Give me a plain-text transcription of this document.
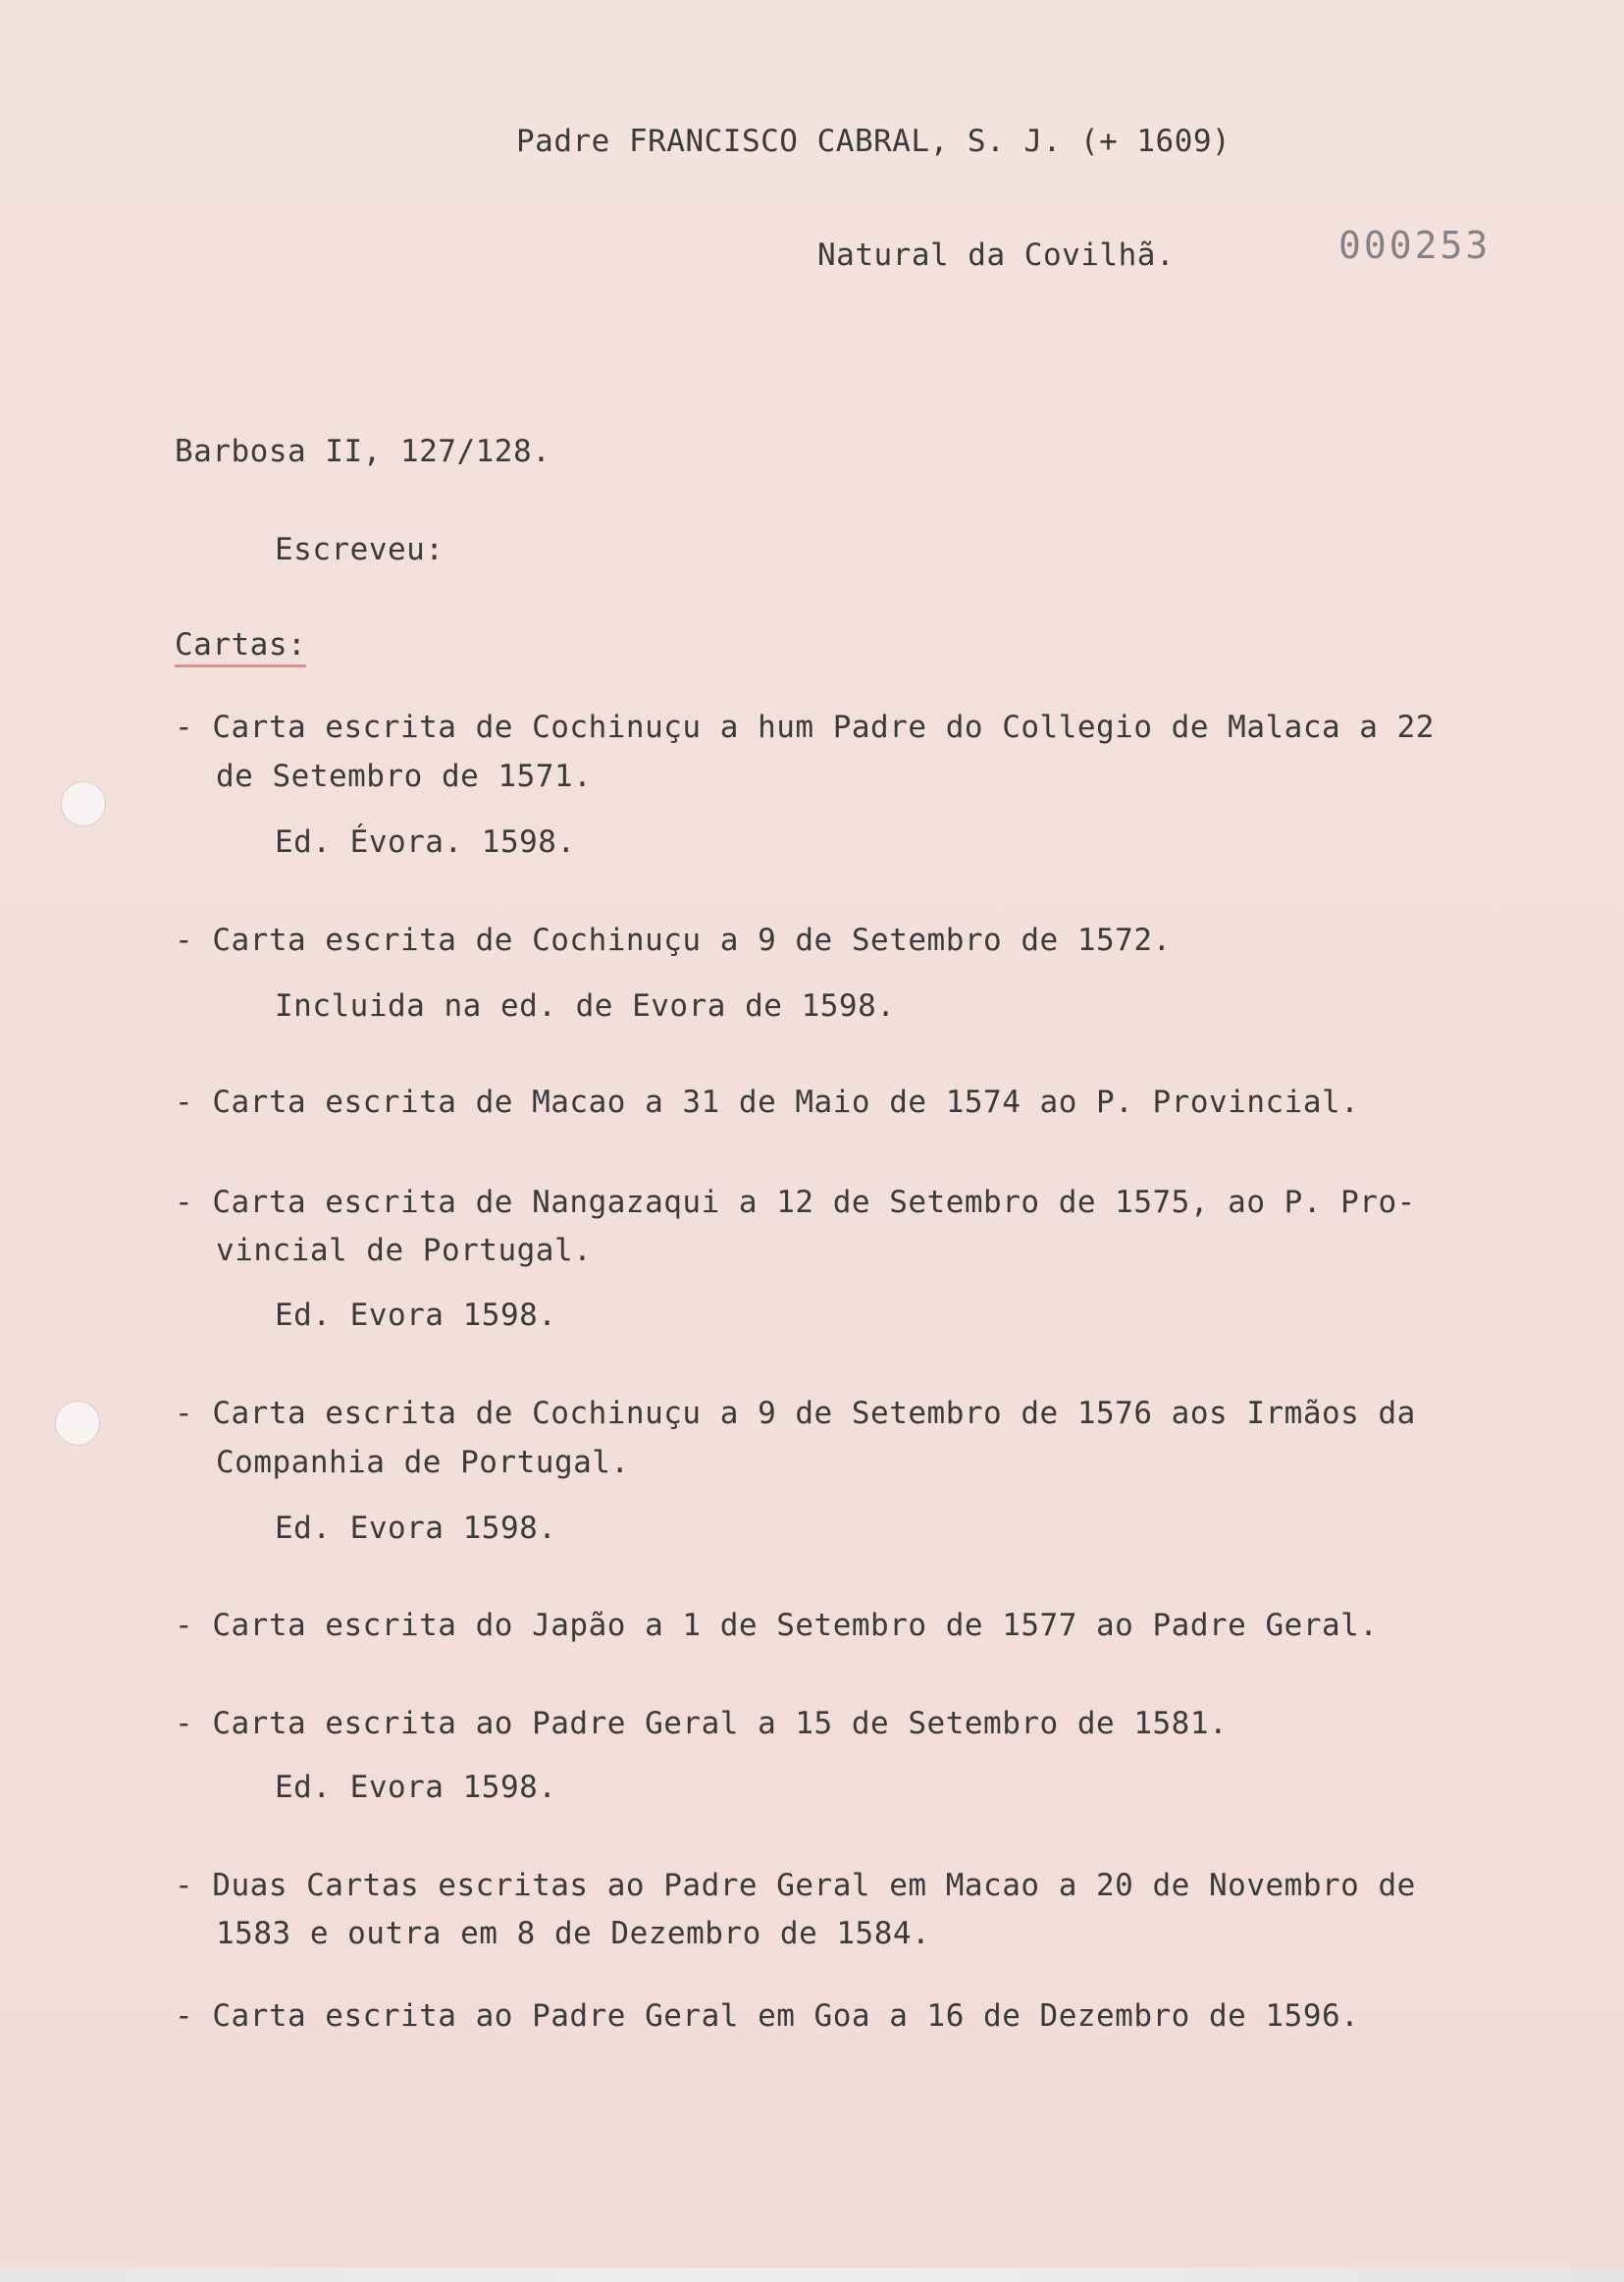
Padre FRANCISCO CABRAL, S. J. (+ 1609)
Natural da Covilhã.	000253
Barbosa II, 127/128.
Escreveu:
Cartas:
- Carta escrita de Cochinuçu a hum Padre do Collegio de Malaca a 22
de Setembro de 1571.
Ed. Évora. 1598.
- Carta escrita de Cochinuçu a 9 de Setembro de 1572.
Incluida na ed. de Evora de 1598.
- Carta escrita de Macao a 31 de Maio de 1574 ao P. Provincial.
- Carta escrita de Nangazaqui a 12 de Setembro de 1575, ao P. Pro-
vincial de Portugal.
Ed. Evora 1598.
- Carta escrita de Cochinuçu a 9 de Setembro de 1576 aos Irmãos da
Companhia de Portugal.
Ed. Evora 1598.
- Carta escrita do Japão a 1 de Setembro de 1577 ao Padre Geral.
- Carta escrita ao Padre Geral a 15 de Setembro de 1581.
Ed. Evora 1598.
- Duas Cartas escritas ao Padre Geral em Macao a 20 de Novembro de
1583 e outra em 8 de Dezembro de 1584.
- Carta escrita ao Padre Geral em Goa a 16 de Dezembro de 1596.
